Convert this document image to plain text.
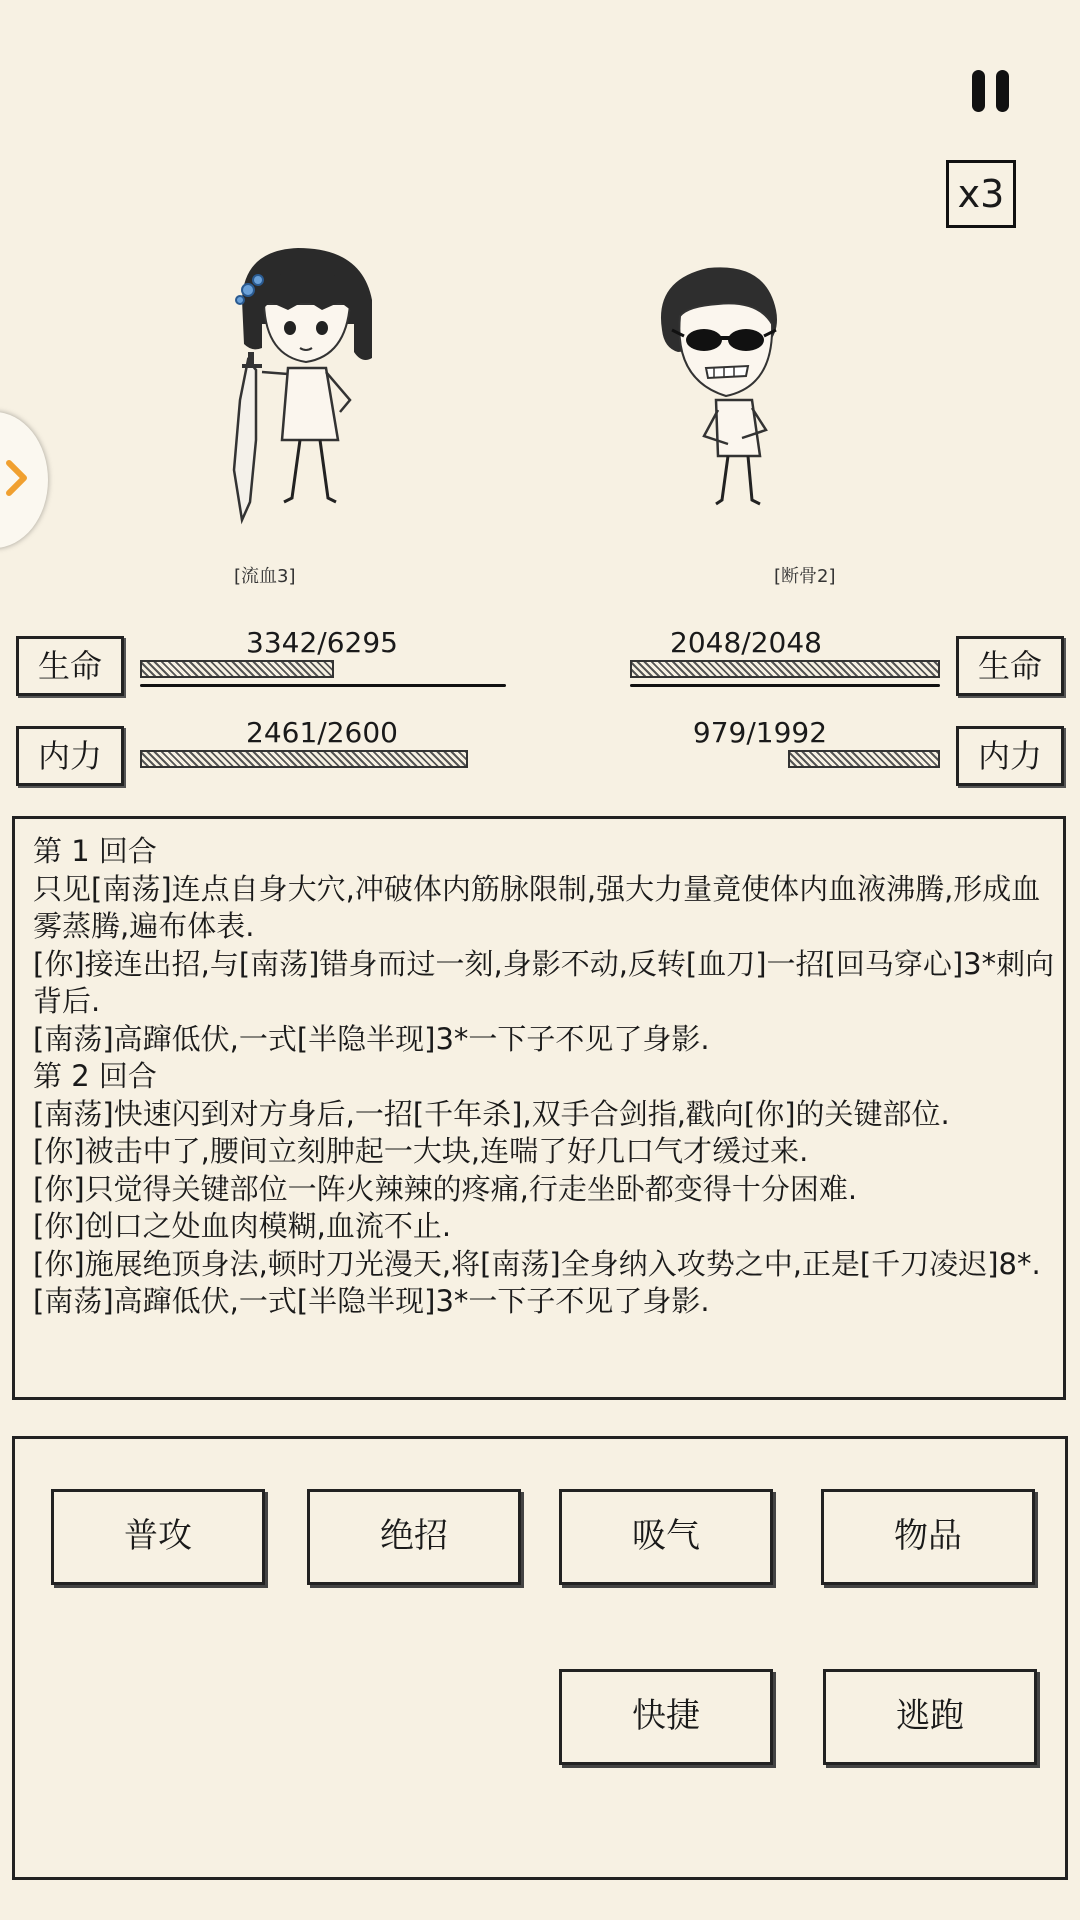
x3
[流血3]	[断骨2]
生命
3342/6295
内力
2461/2600
生命
2048/2048
内力
979/1992

第 1 回合

只见[南荡]连点自身大穴,冲破体内筋脉限制,强大力量竟使体内血液沸腾,形成血雾蒸腾,遍布体表.

[你]接连出招,与[南荡]错身而过一刻,身影不动,反转[血刀]一招[回马穿心]3*刺向背后.

[南荡]高蹿低伏,一式[半隐半现]3*一下子不见了身影.

第 2 回合

[南荡]快速闪到对方身后,一招[千年杀],双手合剑指,戳向[你]的关键部位.

[你]被击中了,腰间立刻肿起一大块,连喘了好几口气才缓过来.

[你]只觉得关键部位一阵火辣辣的疼痛,行走坐卧都变得十分困难.

[你]创口之处血肉模糊,血流不止.

[你]施展绝顶身法,顿时刀光漫天,将[南荡]全身纳入攻势之中,正是[千刀凌迟]8*.

[南荡]高蹿低伏,一式[半隐半现]3*一下子不见了身影.

普攻	绝招	吸气	物品
快捷	逃跑
